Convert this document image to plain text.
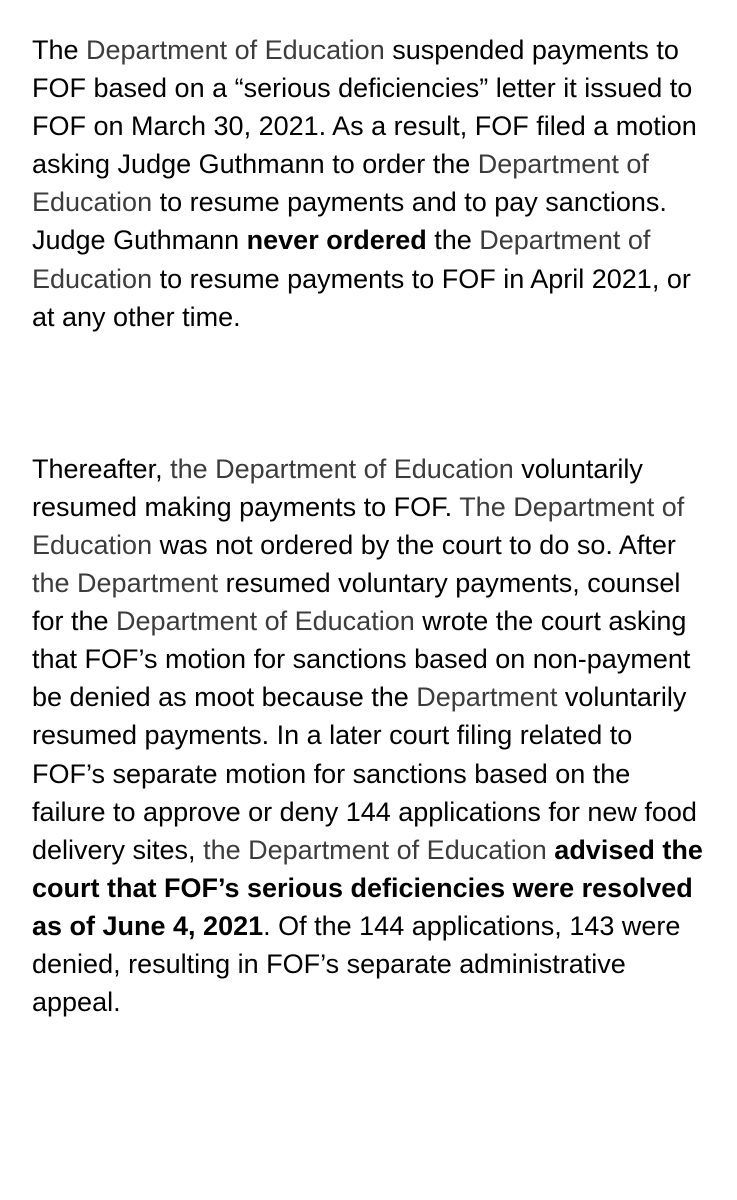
The Department of Education suspended payments to FOF based on a “serious deficiencies” letter it issued to FOF on March 30, 2021. As a result, FOF filed a motion asking Judge Guthmann to order the Department of Education to resume payments and to pay sanctions. Judge Guthmann never ordered the Department of Education to resume payments to FOF in April 2021, or at any other time.

Thereafter, the Department of Education voluntarily resumed making payments to FOF. The Department of Education was not ordered by the court to do so. After the Department resumed voluntary payments, counsel for the Department of Education wrote the court asking that FOF’s motion for sanctions based on non-payment be denied as moot because the Department voluntarily resumed payments. In a later court filing related to FOF’s separate motion for sanctions based on the failure to approve or deny 144 applications for new food delivery sites, the Department of Education advised the court that FOF’s serious deficiencies were resolved as of June 4, 2021. Of the 144 applications, 143 were denied, resulting in FOF’s separate administrative appeal.
